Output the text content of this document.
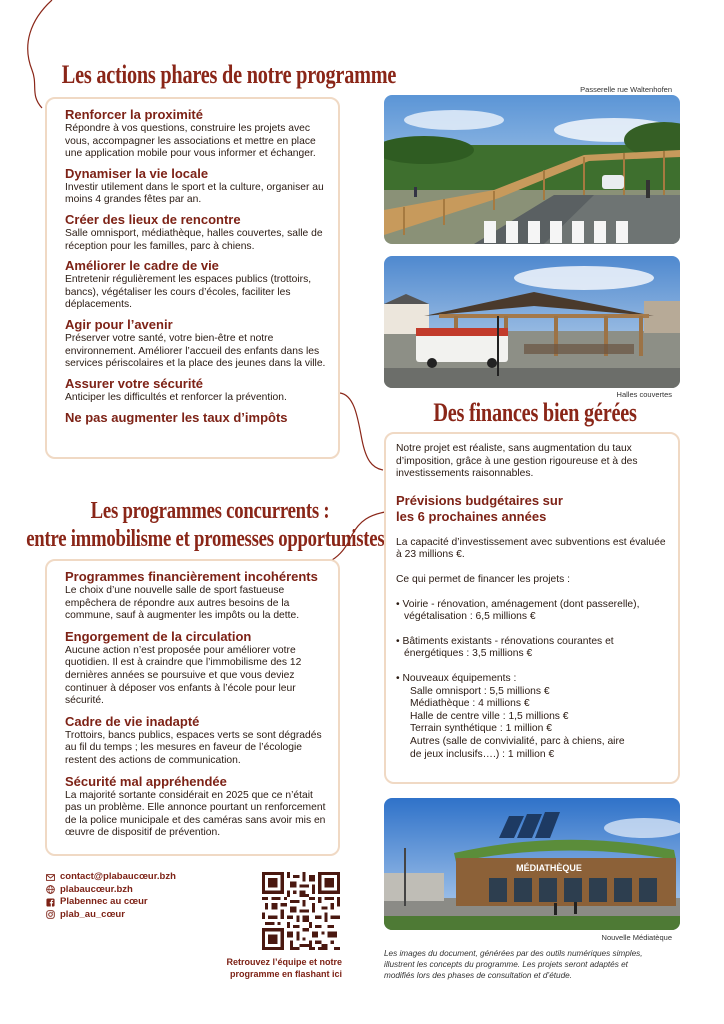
Les actions phares de notre programme
Renforcer la proximité
Répondre à vos questions, construire les projets avec vous, accompagner les associations et mettre en place une application mobile pour vous informer et échanger.
Dynamiser la vie locale
Investir utilement dans le sport et la culture, organiser au moins 4 grandes fêtes par an.
Créer des lieux de rencontre
Salle omnisport, médiathèque, halles couvertes, salle de réception pour les familles, parc à chiens.
Améliorer le cadre de vie
Entretenir régulièrement les espaces publics (trottoirs, bancs), végétaliser les cours d’écoles, faciliter les déplacements.
Agir pour l’avenir
Préserver votre santé, votre bien-être et notre environnement. Améliorer l’accueil des enfants dans les services périscolaires et la place des jeunes dans la ville.
Assurer votre sécurité
Anticiper les difficultés et renforcer la prévention.
Ne pas augmenter les taux d’impôts
Les programmes concurrents :
entre immobilisme et promesses opportunistes
Programmes financièrement incohérents
Le choix d’une nouvelle salle de sport fastueuse empêchera de répondre aux autres besoins de la commune, sauf à augmenter les impôts ou la dette.
Engorgement de la circulation
Aucune action n’est proposée pour améliorer votre quotidien. Il est à craindre que l’immobilisme des 12 dernières années se poursuive et que vous deviez continuer à déposer vos enfants à l’école pour leur sécurité.
Cadre de vie inadapté
Trottoirs, bancs publics, espaces verts se sont dégradés au fil du temps ; les mesures en faveur de l’écologie restent des actions de communication.
Sécurité mal appréhendée
La majorité sortante considérait en 2025 que ce n’était pas un problème. Elle annonce pourtant un renforcement de la police municipale et des caméras sans avoir mis en œuvre de dispositif de prévention.
contact@plabaucœur.bzh
plabaucœur.bzh
Plabennec au cœur
plab_au_cœur
Retrouvez l’équipe et notre
programme en flashant ici
Passerelle rue Waltenhofen
Halles couvertes
Des finances bien gérées
Notre projet est réaliste, sans augmentation du taux d’imposition, grâce à une gestion rigoureuse et à des investissements raisonnables.
Prévisions budgétaires sur
les 6 prochaines années
La capacité d’investissement avec subventions est évaluée à 23 millions €.
Ce qui permet de financer les projets :
• Voirie - rénovation, aménagement (dont passerelle),
végétalisation : 6,5 millions €
• Bâtiments existants - rénovations courantes et
énergétiques : 3,5 millions €
• Nouveaux équipements :
Salle omnisport : 5,5 millions €
Médiathèque : 4 millions €
Halle de centre ville : 1,5 millions €
Terrain synthétique : 1 million €
Autres (salle de convivialité, parc à chiens, aire
de jeux inclusifs….) : 1 million €
MÉDIATHÈQUE
Nouvelle Médiatèque
Les images du document, générées par des outils numériques simples,
illustrent les concepts du programme. Les projets seront adaptés et
modifiés lors des phases de consultation et d’étude.
